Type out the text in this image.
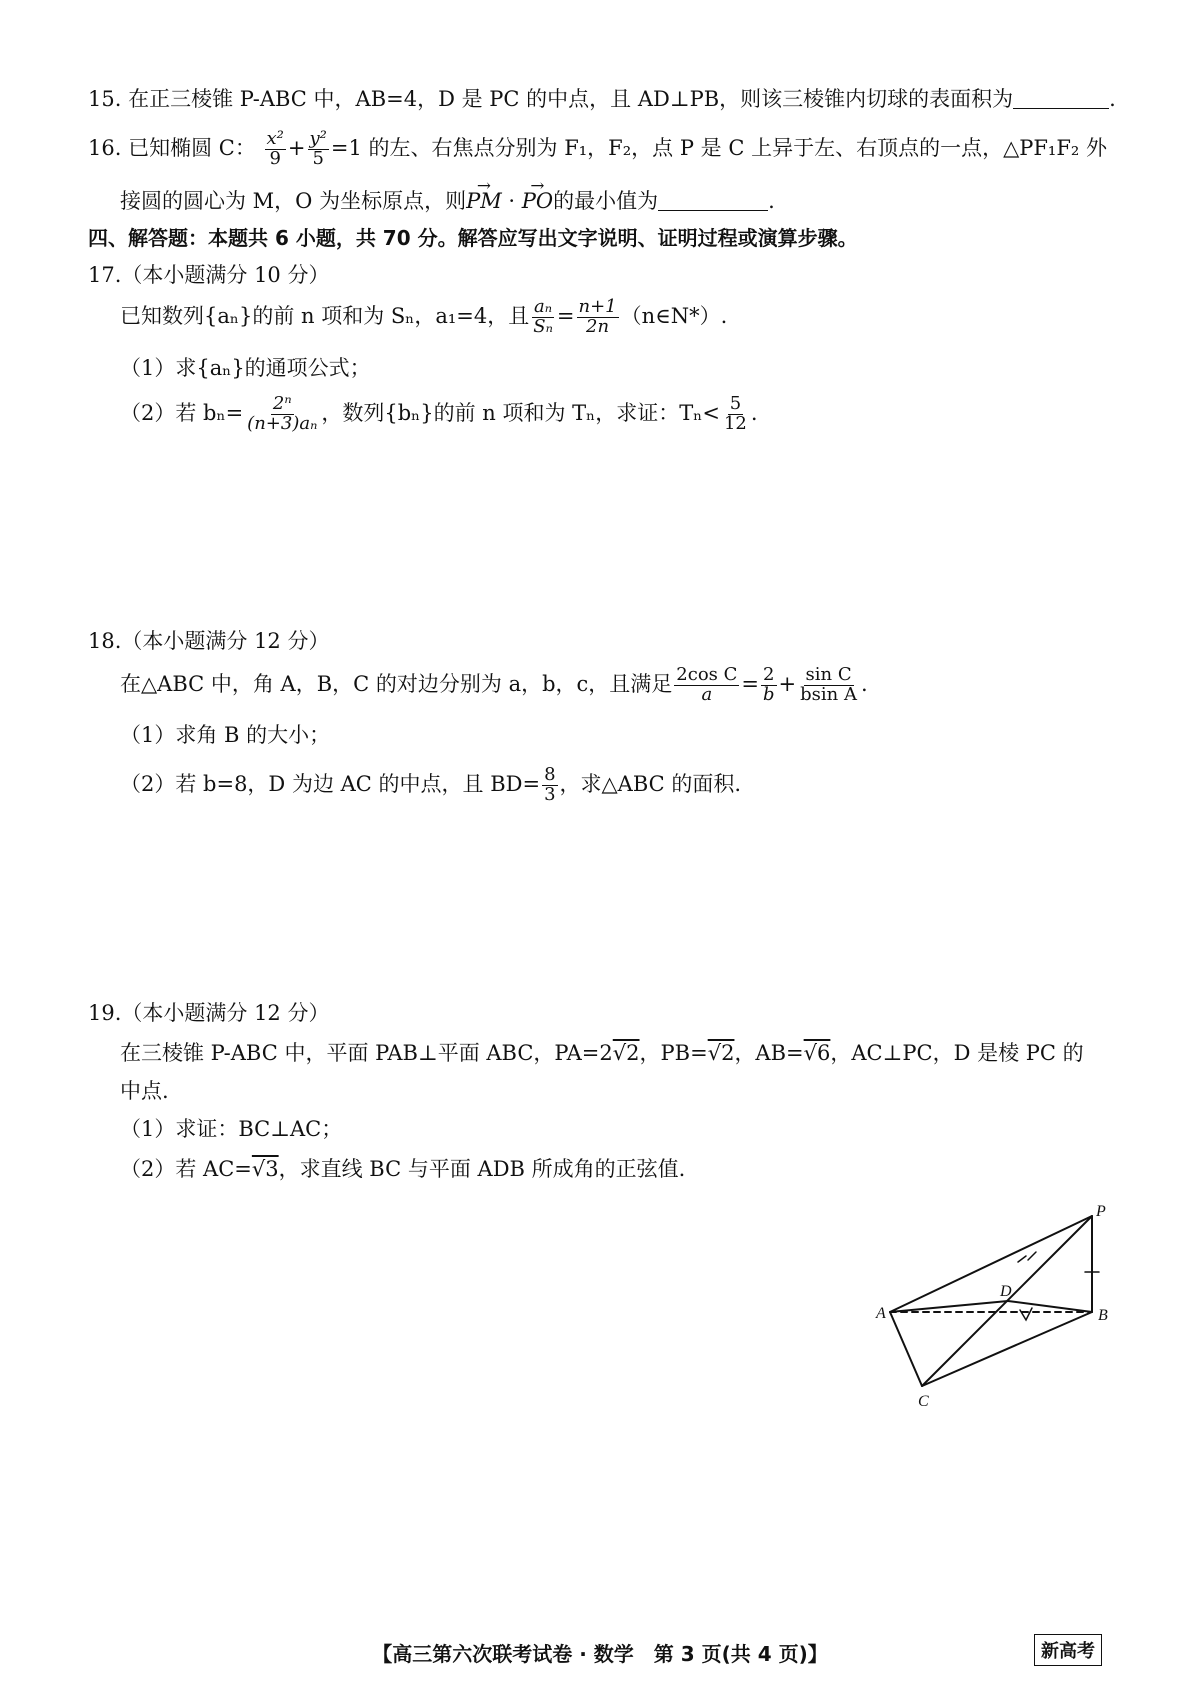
15. 在正三棱锥 P-ABC 中，AB=4，D 是 PC 的中点，且 AD⊥PB，则该三棱锥内切球的表面积为	.
16. 已知椭圆 C： $\frac{\text{x²}}{9} + \frac{\text{y²}}{5} =1$ 的左、右焦点分别为 F₁，F₂，点 P 是 C 上异于左、右顶点的一点，△PF₁F₂ 外
接圆的圆心为 M，O 为坐标原点，则→ PM · → PO的最小值为	.
四、解答题：本题共 6 小题，共 70 分。解答应写出文字说明、证明过程或演算步骤。
17.（本小题满分 10 分）
已知数列{aₙ}的前 n 项和为 Sₙ，a₁=4，且 $\frac{\text{aₙ}}{\text{Sₙ}} = \frac{n+1}{2n}$ （n∈N*）.
（1）求{aₙ}的通项公式；
（2）若 $b_n= \frac{\text{2ⁿ}}{\text{(n+3)aₙ}}$ ，数列{bₙ}的前 n 项和为 Tₙ，求证：$T_n< \frac{5}{12}$ .
18.（本小题满分 12 分）
在△ABC 中，角 A，B，C 的对边分别为 a，b，c，且满足 $\frac{\text{2cos C}}{a} = \frac{2}{b} + \frac{\text{sin C}}{\text{bsin A}}$ .
（1）求角 B 的大小；
（2）若 b=8，D 为边 AC 的中点，且 $BD= \frac{8}{3}$ ，求△ABC 的面积.
19.（本小题满分 12 分）
在三棱锥 P-ABC 中，平面 PAB⊥平面 ABC，PA=2√2，PB=√2，AB=√6，AC⊥PC，D 是棱 PC 的
中点.
（1）求证：BC⊥AC；
（2）若 AC=√3，求直线 BC 与平面 ADB 所成角的正弦值.
P
A	B
C
D
【高三第六次联考试卷 · 数学　第 3 页(共 4 页)】	新高考
